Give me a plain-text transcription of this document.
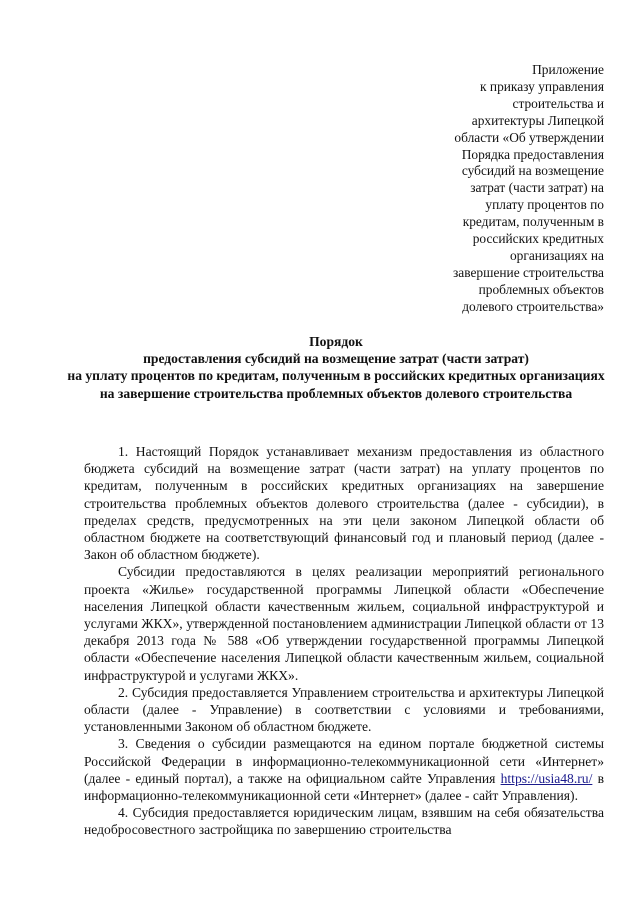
Приложение
к приказу управления
строительства и
архитектуры Липецкой
области «Об утверждении
Порядка предоставления
субсидий на возмещение
затрат (части затрат) на
уплату процентов по
кредитам, полученным в
российских кредитных
организациях на
завершение строительства
проблемных объектов
долевого строительства»
Порядок
предоставления субсидий на возмещение затрат (части затрат)
на уплату процентов по кредитам, полученным в российских кредитных организациях на завершение строительства проблемных объектов долевого строительства

1. Настоящий Порядок устанавливает механизм предоставления из областного бюджета субсидий на возмещение затрат (части затрат) на уплату процентов по кредитам, полученным в российских кредитных организациях на завершение строительства проблемных объектов долевого строительства (далее - субсидии), в пределах средств, предусмотренных на эти цели законом Липецкой области об областном бюджете на соответствующий финансовый год и плановый период (далее - Закон об областном бюджете).

Субсидии предоставляются в целях реализации мероприятий регионального проекта «Жилье» государственной программы Липецкой области «Обеспечение населения Липецкой области качественным жильем, социальной инфраструктурой и услугами ЖКХ», утвержденной постановлением администрации Липецкой области от 13 декабря 2013 года № 588 «Об утверждении государственной программы Липецкой области «Обеспечение населения Липецкой области качественным жильем, социальной инфраструктурой и услугами ЖКХ».

2. Субсидия предоставляется Управлением строительства и архитектуры Липецкой области (далее - Управление) в соответствии с условиями и требованиями, установленными Законом об областном бюджете.

3. Сведения о субсидии размещаются на едином портале бюджетной системы Российской Федерации в информационно-телекоммуникационной сети «Интернет» (далее - единый портал), а также на официальном сайте Управления https://usia48.ru/ в информационно-телекоммуникационной сети «Интернет» (далее - сайт Управления).

4. Субсидия предоставляется юридическим лицам, взявшим на себя обязательства недобросовестного застройщика по завершению строительства
